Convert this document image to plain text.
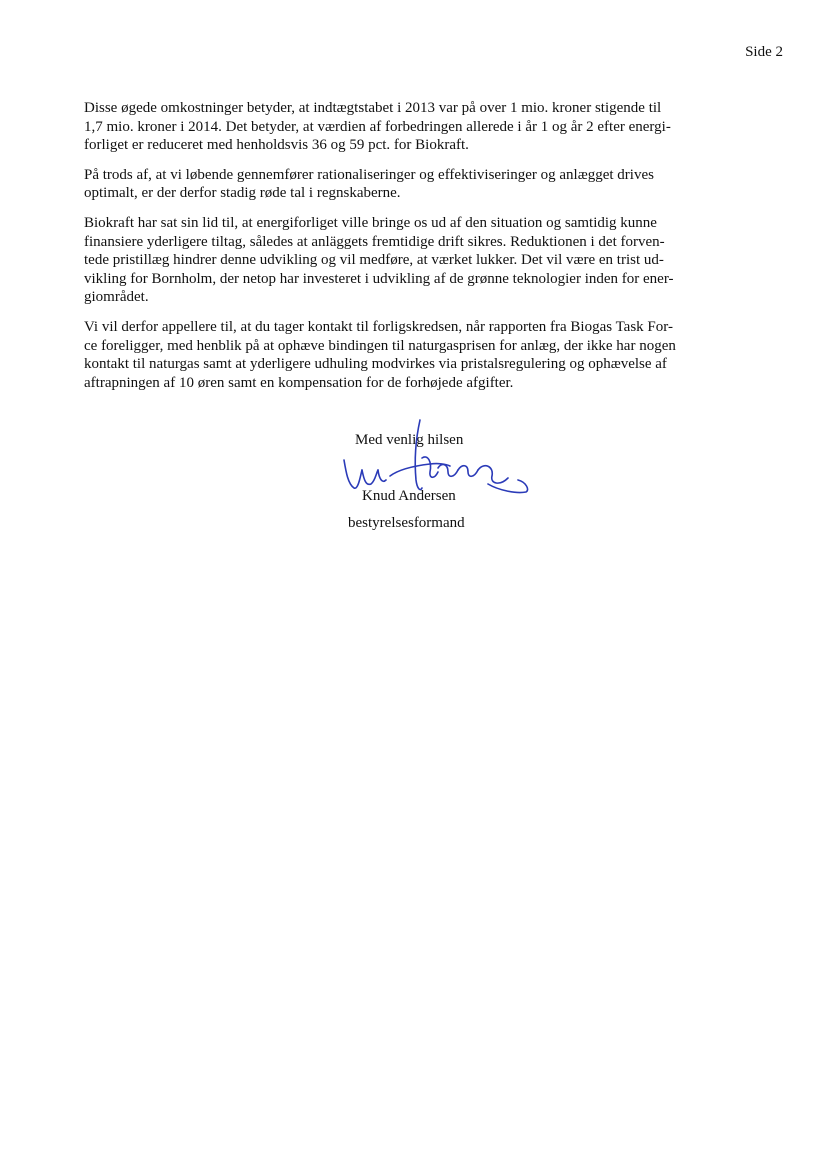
Side 2

Disse øgede omkostninger betyder, at indtægtstabet i 2013 var på over 1 mio. kroner stigende til
1,7 mio. kroner i 2014. Det betyder, at værdien af forbedringen allerede i år 1 og år 2 efter energi-
forliget er reduceret med henholdsvis 36 og 59 pct. for Biokraft.

På trods af, at vi løbende gennemfører rationaliseringer og effektiviseringer og anlægget drives
optimalt, er der derfor stadig røde tal i regnskaberne.

Biokraft har sat sin lid til, at energiforliget ville bringe os ud af den situation og samtidig kunne
finansiere yderligere tiltag, således at anläggets fremtidige drift sikres. Reduktionen i det forven-
tede pristillæg hindrer denne udvikling og vil medføre, at værket lukker. Det vil være en trist ud-
vikling for Bornholm, der netop har investeret i udvikling af de grønne teknologier inden for ener-
giområdet.

Vi vil derfor appellere til, at du tager kontakt til forligskredsen, når rapporten fra Biogas Task For-
ce foreligger, med henblik på at ophæve bindingen til naturgasprisen for anlæg, der ikke har nogen
kontakt til naturgas samt at yderligere udhuling modvirkes via pristalsregulering og ophævelse af
aftrapningen af 10 øren samt en kompensation for de forhøjede afgifter.

Med venlig hilsen
Knud Andersen
bestyrelsesformand
